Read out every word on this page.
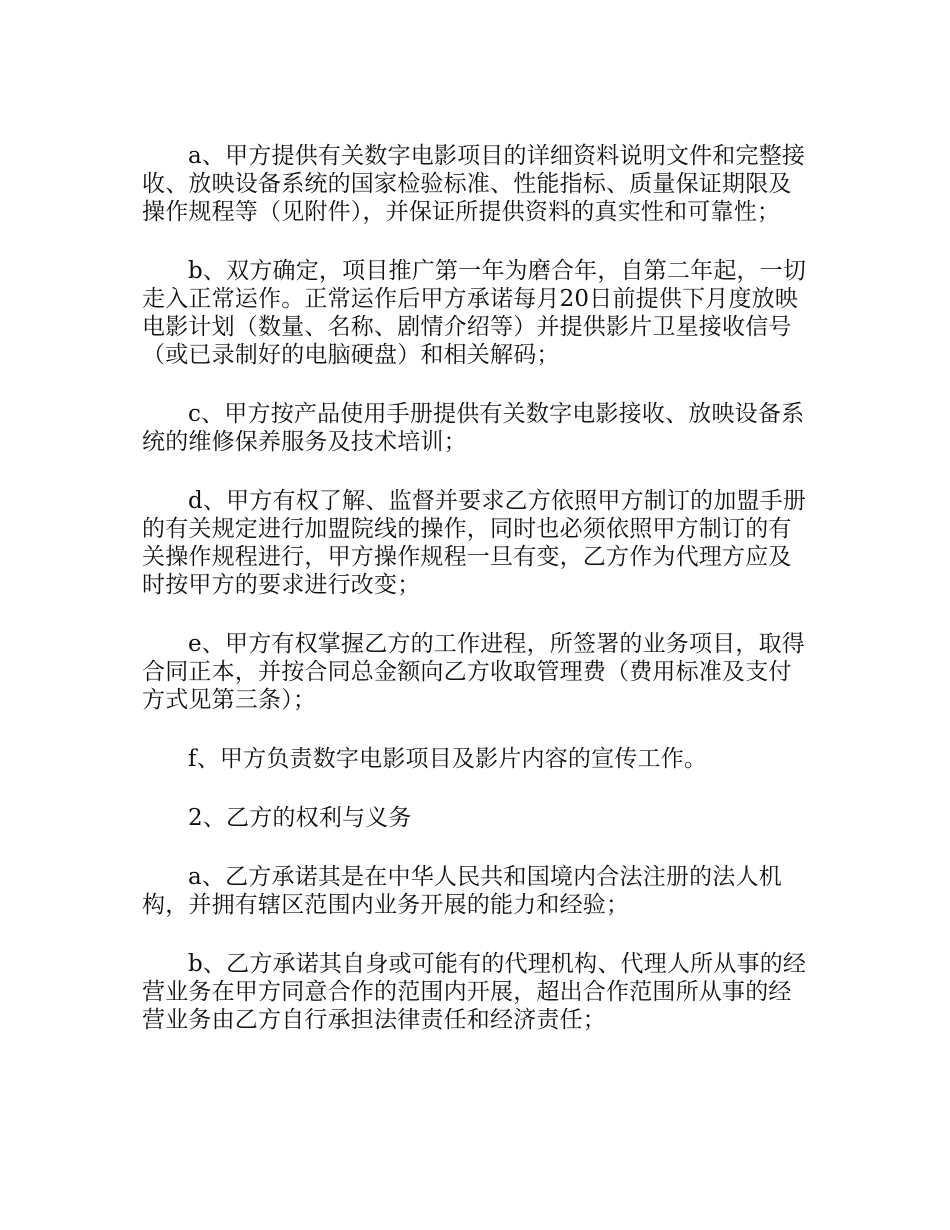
a、甲方提供有关数字电影项目的详细资料说明文件和完整接收、放映设备系统的国家检验标准、性能指标、质量保证期限及操作规程等（见附件），并保证所提供资料的真实性和可靠性；

b、双方确定，项目推广第一年为磨合年，自第二年起，一切走入正常运作。正常运作后甲方承诺每月20日前提供下月度放映电影计划（数量、名称、剧情介绍等）并提供影片卫星接收信号（或已录制好的电脑硬盘）和相关解码；

c、甲方按产品使用手册提供有关数字电影接收、放映设备系统的维修保养服务及技术培训；

d、甲方有权了解、监督并要求乙方依照甲方制订的加盟手册的有关规定进行加盟院线的操作，同时也必须依照甲方制订的有关操作规程进行，甲方操作规程一旦有变，乙方作为代理方应及时按甲方的要求进行改变；

e、甲方有权掌握乙方的工作进程，所签署的业务项目，取得合同正本，并按合同总金额向乙方收取管理费（费用标准及支付方式见第三条）；

f、甲方负责数字电影项目及影片内容的宣传工作。

2、乙方的权利与义务

a、乙方承诺其是在中华人民共和国境内合法注册的法人机构，并拥有辖区范围内业务开展的能力和经验；

b、乙方承诺其自身或可能有的代理机构、代理人所从事的经营业务在甲方同意合作的范围内开展，超出合作范围所从事的经营业务由乙方自行承担法律责任和经济责任；
